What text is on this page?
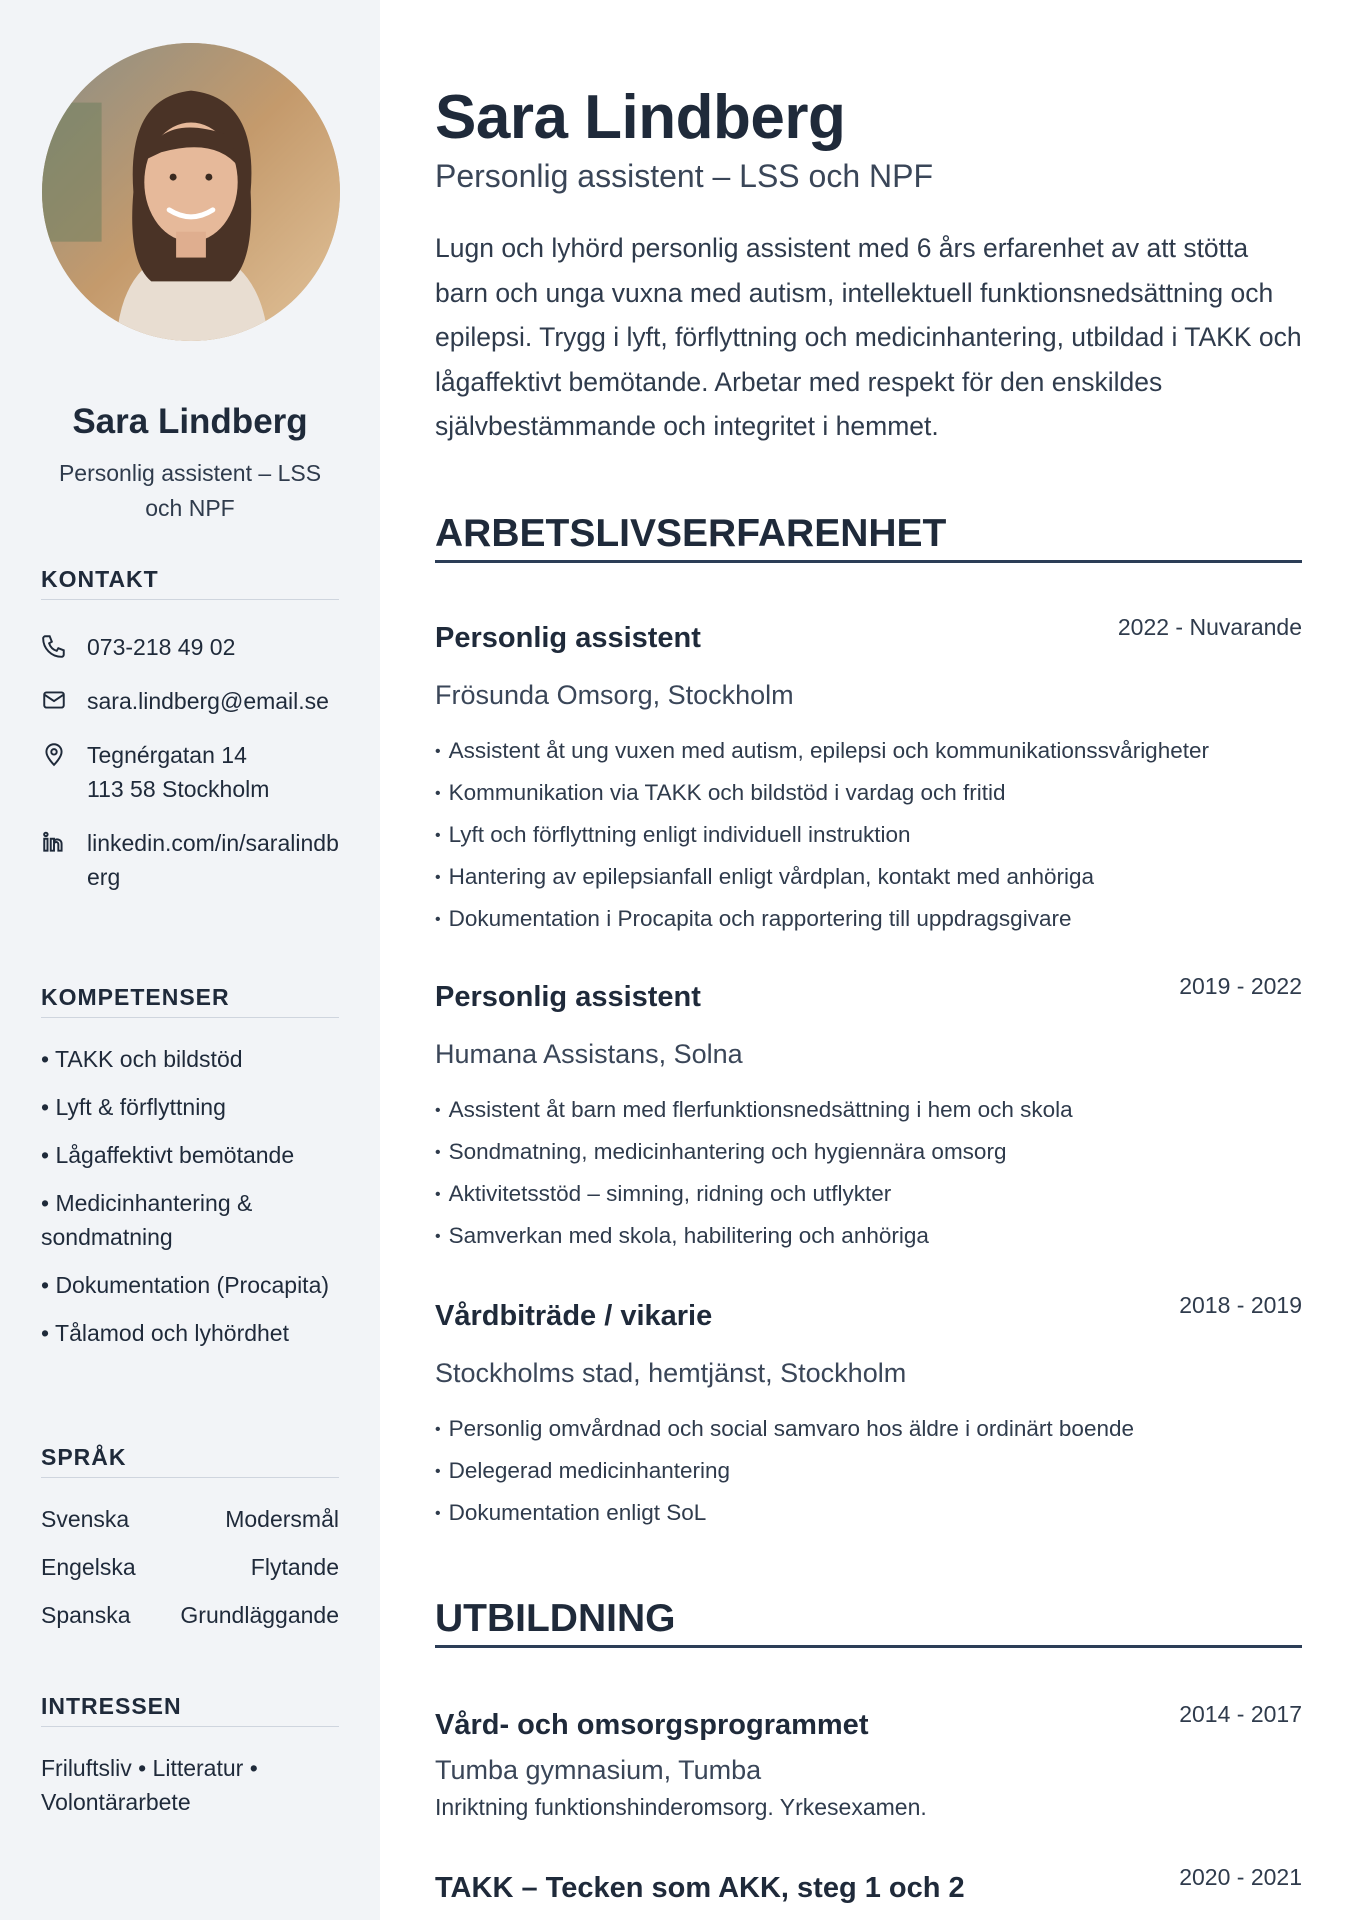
Sara Lindberg
Personlig assistent – LSS och NPF
KONTAKT
073-218 49 02
sara.lindberg@email.se
Tegnérgatan 14
113 58 Stockholm
linkedin.com/in/saralindberg
KOMPETENSER
• TAKK och bildstöd
• Lyft & förflyttning
• Lågaffektivt bemötande
• Medicinhantering & sondmatning
• Dokumentation (Procapita)
• Tålamod och lyhördhet
SPRÅK
Svenska	Modersmål
Engelska	Flytande
Spanska Grundläggande
INTRESSEN
Friluftsliv • Litteratur • Volontärarbete
Sara Lindberg
Personlig assistent – LSS och NPF

Lugn och lyhörd personlig assistent med 6 års erfarenhet av att stötta barn och unga vuxna med autism, intellektuell funktionsnedsättning och epilepsi. Trygg i lyft, förflyttning och medicinhantering, utbildad i TAKK och lågaffektivt bemötande. Arbetar med respekt för den enskildes självbestämmande och integritet i hemmet.

ARBETSLIVSERFARENHET
Personlig assistent	2022 - Nuvarande
Frösunda Omsorg, Stockholm
• Assistent åt ung vuxen med autism, epilepsi och kommunikationssvårigheter
• Kommunikation via TAKK och bildstöd i vardag och fritid
• Lyft och förflyttning enligt individuell instruktion
• Hantering av epilepsianfall enligt vårdplan, kontakt med anhöriga
• Dokumentation i Procapita och rapportering till uppdragsgivare
Personlig assistent	2019 - 2022
Humana Assistans, Solna
• Assistent åt barn med flerfunktionsnedsättning i hem och skola
• Sondmatning, medicinhantering och hygiennära omsorg
• Aktivitetsstöd – simning, ridning och utflykter
• Samverkan med skola, habilitering och anhöriga
Vårdbiträde / vikarie	2018 - 2019
Stockholms stad, hemtjänst, Stockholm
• Personlig omvårdnad och social samvaro hos äldre i ordinärt boende
• Delegerad medicinhantering
• Dokumentation enligt SoL
UTBILDNING
Vård- och omsorgsprogrammet	2014 - 2017
Tumba gymnasium, Tumba
Inriktning funktionshinderomsorg. Yrkesexamen.
TAKK – Tecken som AKK, steg 1 och 2	2020 - 2021
